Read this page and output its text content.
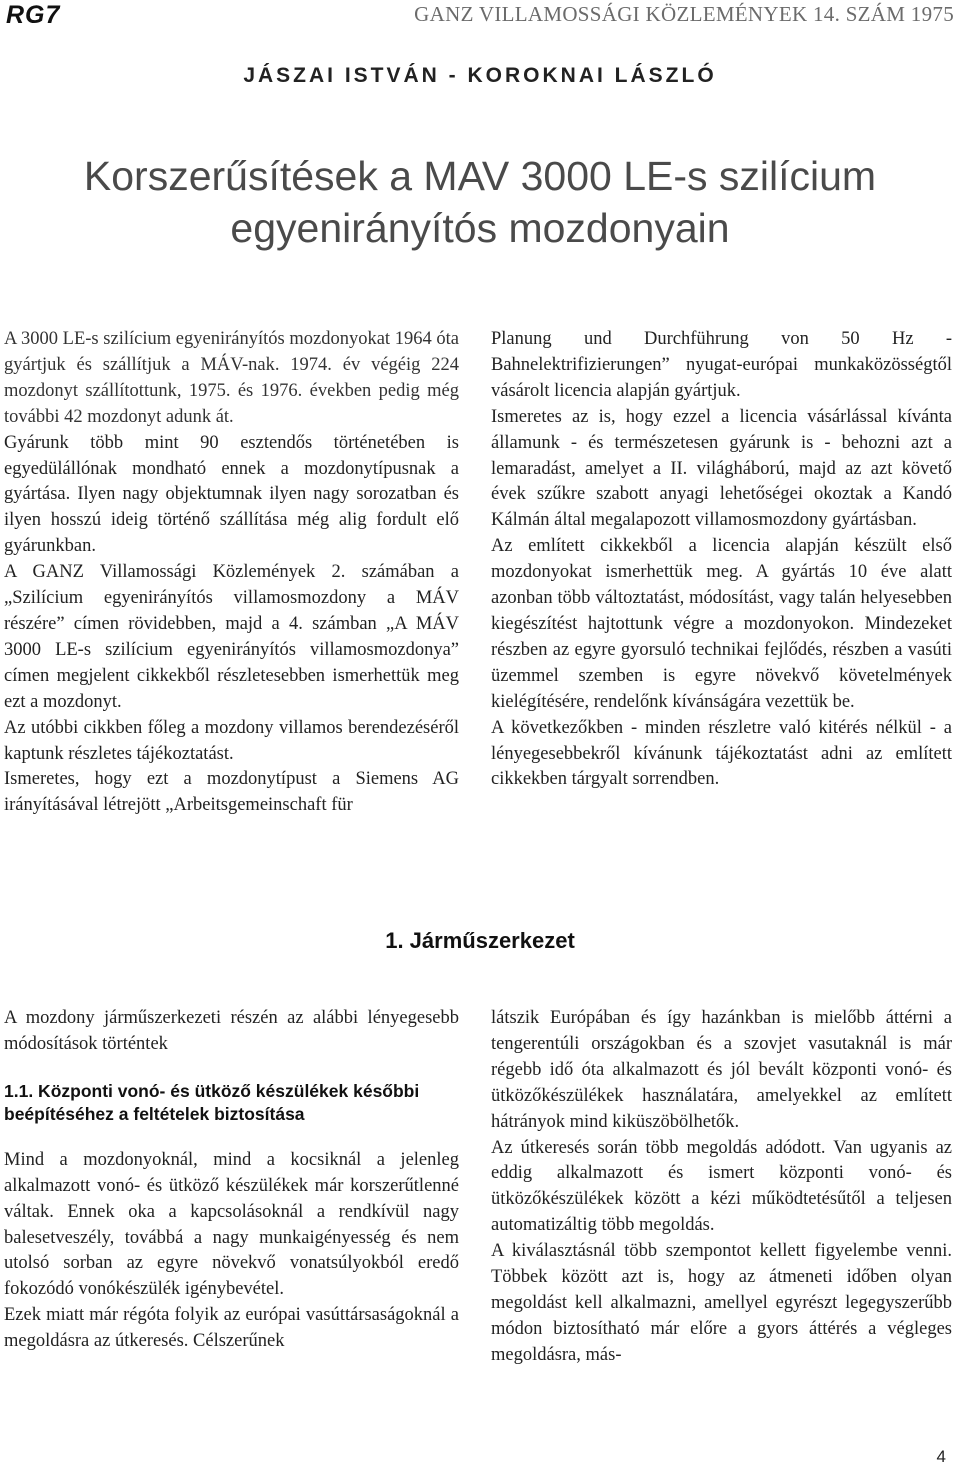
RG7	GANZ VILLAMOSSÁGI KÖZLEMÉNYEK 14. SZÁM 1975
JÁSZAI ISTVÁN - KOROKNAI LÁSZLÓ
Korszerűsítések a MAV 3000 LE-s szilícium
egyenirányítós mozdonyain

A 3000 LE-s szilícium egyenirányítós mozdonyokat 1964 óta gyártjuk és szállítjuk a MÁV-nak. 1974. év végéig 224 mozdonyt szállítottunk, 1975. és 1976. években pedig még további 42 mozdonyt adunk át.

Gyárunk több mint 90 esztendős történetében is egyedülállónak mondható ennek a mozdonytípusnak a gyártása. Ilyen nagy objektumnak ilyen nagy sorozatban és ilyen hosszú ideig történő szállítása még alig fordult elő gyárunkban.

A GANZ Villamossági Közlemények 2. számában a „Szilícium egyenirányítós villamosmozdony a MÁV részére” címen rövidebben, majd a 4. számban „A MÁV 3000 LE-s szilícium egyenirányítós villamosmozdonya” címen megjelent cikkekből részletesebben ismerhettük meg ezt a mozdonyt.

Az utóbbi cikkben főleg a mozdony villamos berendezéséről kaptunk részletes tájékoztatást.

Ismeretes, hogy ezt a mozdonytípust a Siemens AG irányításával létrejött „Arbeitsgemeinschaft für

Planung und Durchführung von 50 Hz - Bahnelektrifizierungen” nyugat-európai munkaközösségtől vásárolt licencia alapján gyártjuk.

Ismeretes az is, hogy ezzel a licencia vásárlással kívánta államunk - és természetesen gyárunk is - behozni azt a lemaradást, amelyet a II. világháború, majd az azt követő évek szűkre szabott anyagi lehetőségei okoztak a Kandó Kálmán által megalapozott villamosmozdony gyártásban.

Az említett cikkekből a licencia alapján készült első mozdonyokat ismerhettük meg. A gyártás 10 éve alatt azonban több változtatást, módosítást, vagy talán helyesebben kiegészítést hajtottunk végre a mozdonyokon. Mindezeket részben az egyre gyorsuló technikai fejlődés, részben a vasúti üzemmel szemben is egyre növekvő követelmények kielégítésére, rendelőnk kívánságára vezettük be.

A következőkben - minden részletre való kitérés nélkül - a lényegesebbekről kívánunk tájékoztatást adni az említett cikkekben tárgyalt sorrendben.

1. Járműszerkezet

A mozdony járműszerkezeti részén az alábbi lényegesebb módosítások történtek

1.1. Központi vonó- és ütköző készülékek későbbi beépítéséhez a feltételek biztosítása

Mind a mozdonyoknál, mind a kocsiknál a jelenleg alkalmazott vonó- és ütköző készülékek már korszerűtlenné váltak. Ennek oka a kapcsolásoknál a rendkívül nagy balesetveszély, továbbá a nagy munkaigényesség és nem utolsó sorban az egyre növekvő vonatsúlyokból eredő fokozódó vonókészülék igénybevétel.

Ezek miatt már régóta folyik az európai vasúttársaságoknál a megoldásra az útkeresés. Célszerűnek

látszik Európában és így hazánkban is mielőbb áttérni a tengerentúli országokban és a szovjet vasutaknál is már régebb idő óta alkalmazott és jól bevált központi vonó- és ütközőkészülékek használatára, amelyekkel az említett hátrányok mind kiküszöbölhetők.

Az útkeresés során több megoldás adódott. Van ugyanis az eddig alkalmazott és ismert központi vonó- és ütközőkészülékek között a kézi működtetésűtől a teljesen automatizáltig több megoldás.

A kiválasztásnál több szempontot kellett figyelembe venni. Többek között azt is, hogy az átmeneti időben olyan megoldást kell alkalmazni, amellyel egyrészt legegyszerűbb módon biztosítható már előre a gyors áttérés a végleges megoldásra, más-

4
